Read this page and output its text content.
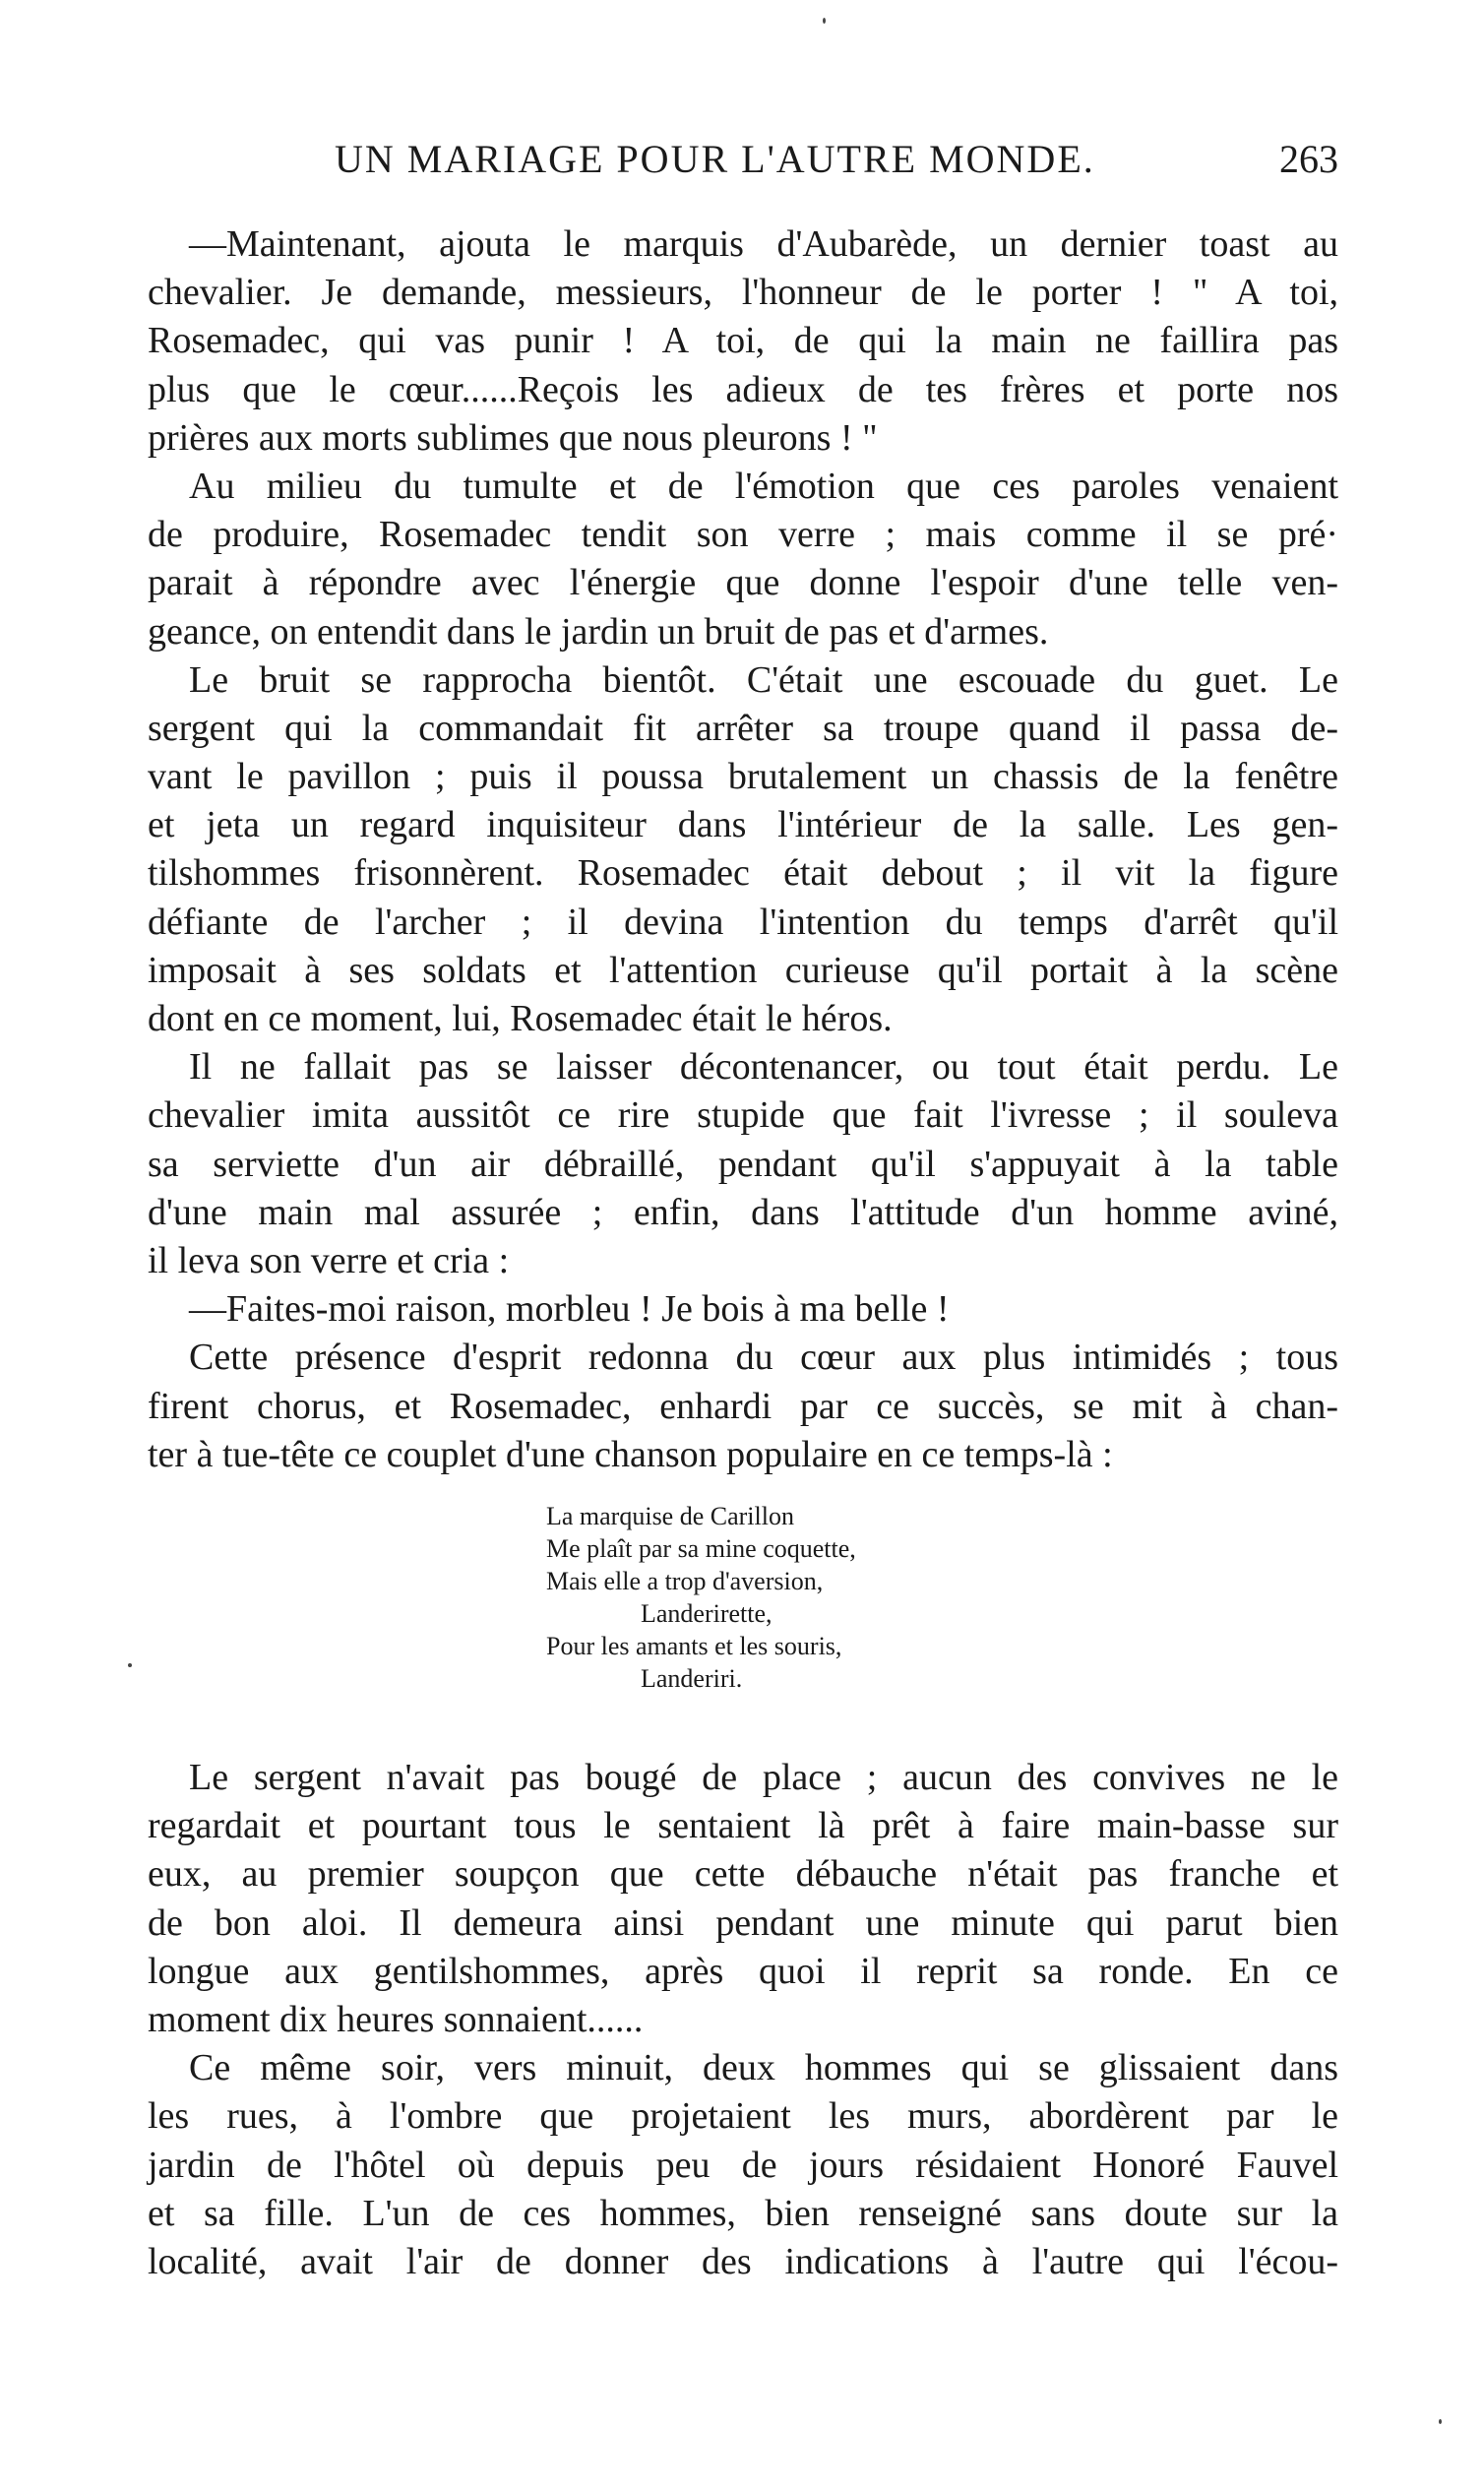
UN MARIAGE POUR L'AUTRE MONDE.	263
—Maintenant, ajouta le marquis d'Aubarède, un dernier toast au
chevalier. Je demande, messieurs, l'honneur de le porter ! " A toi,
Rosemadec, qui vas punir ! A toi, de qui la main ne faillira pas
plus que le cœur......Reçois les adieux de tes frères et porte nos
prières aux morts sublimes que nous pleurons ! "
Au milieu du tumulte et de l'émotion que ces paroles venaient
de produire, Rosemadec tendit son verre ; mais comme il se pré·
parait à répondre avec l'énergie que donne l'espoir d'une telle ven-
geance, on entendit dans le jardin un bruit de pas et d'armes.
Le bruit se rapprocha bientôt. C'était une escouade du guet. Le
sergent qui la commandait fit arrêter sa troupe quand il passa de-
vant le pavillon ; puis il poussa brutalement un chassis de la fenêtre
et jeta un regard inquisiteur dans l'intérieur de la salle. Les gen-
tilshommes frisonnèrent. Rosemadec était debout ; il vit la figure
défiante de l'archer ; il devina l'intention du temps d'arrêt qu'il
imposait à ses soldats et l'attention curieuse qu'il portait à la scène
dont en ce moment, lui, Rosemadec était le héros.
Il ne fallait pas se laisser décontenancer, ou tout était perdu. Le
chevalier imita aussitôt ce rire stupide que fait l'ivresse ; il souleva
sa serviette d'un air débraillé, pendant qu'il s'appuyait à la table
d'une main mal assurée ; enfin, dans l'attitude d'un homme aviné,
il leva son verre et cria :
—Faites-moi raison, morbleu ! Je bois à ma belle !
Cette présence d'esprit redonna du cœur aux plus intimidés ; tous
firent chorus, et Rosemadec, enhardi par ce succès, se mit à chan-
ter à tue-tête ce couplet d'une chanson populaire en ce temps-là :
La marquise de Carillon
Me plaît par sa mine coquette,
Mais elle a trop d'aversion,
Landerirette,
Pour les amants et les souris,
Landeriri.
Le sergent n'avait pas bougé de place ; aucun des convives ne le
regardait et pourtant tous le sentaient là prêt à faire main-basse sur
eux, au premier soupçon que cette débauche n'était pas franche et
de bon aloi. Il demeura ainsi pendant une minute qui parut bien
longue aux gentilshommes, après quoi il reprit sa ronde. En ce
moment dix heures sonnaient......
Ce même soir, vers minuit, deux hommes qui se glissaient dans
les rues, à l'ombre que projetaient les murs, abordèrent par le
jardin de l'hôtel où depuis peu de jours résidaient Honoré Fauvel
et sa fille. L'un de ces hommes, bien renseigné sans doute sur la
localité, avait l'air de donner des indications à l'autre qui l'écou-
